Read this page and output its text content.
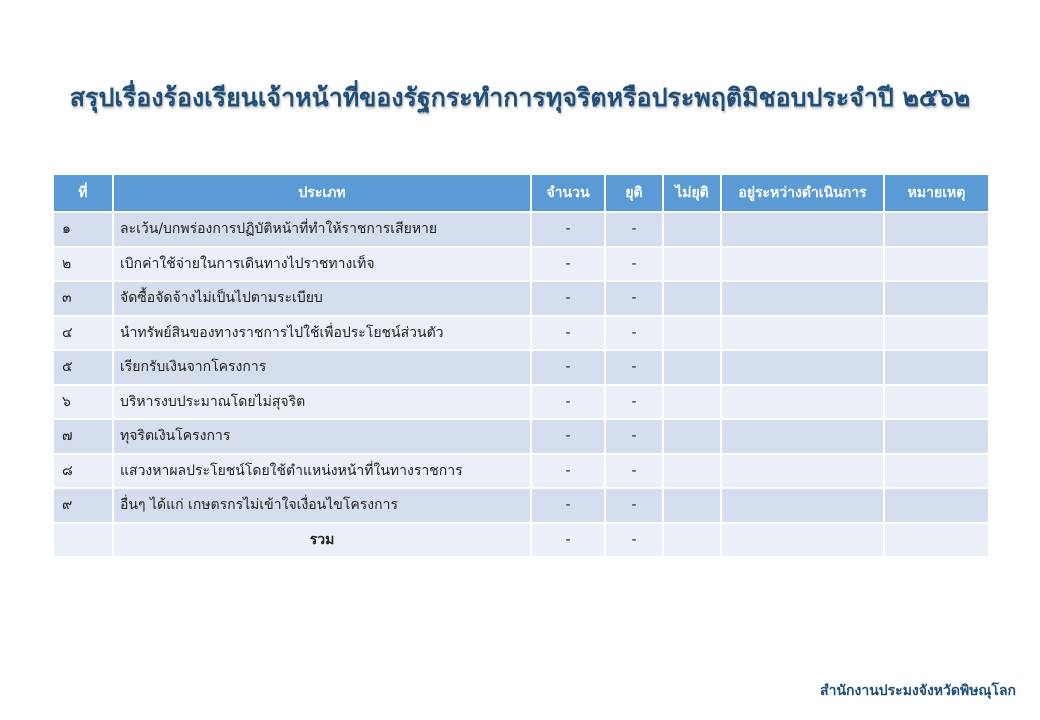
สรุปเรื่องร้องเรียนเจ้าหน้าที่ของรัฐกระทำการทุจริตหรือประพฤติมิชอบประจำปี ๒๕๖๒
ที่	ประเภท	จำนวน	ยุติ	ไม่ยุติ	อยู่ระหว่างดำเนินการ	หมายเหตุ
๑	ละเว้น/บกพร่องการปฏิบัติหน้าที่ทำให้ราชการเสียหาย	-	-			
๒	เบิกค่าใช้จ่ายในการเดินทางไปราชทางเท็จ	-	-			
๓	จัดซื้อจัดจ้างไม่เป็นไปตามระเบียบ	-	-			
๔	นำทรัพย์สินของทางราชการไปใช้เพื่อประโยชน์ส่วนตัว	-	-			
๕	เรียกรับเงินจากโครงการ	-	-			
๖	บริหารงบประมาณโดยไม่สุจริต	-	-			
๗	ทุจริตเงินโครงการ	-	-			
๘	แสวงหาผลประโยชน์โดยใช้ตำแหน่งหน้าที่ในทางราชการ	-	-			
๙	อื่นๆ ได้แก่ เกษตรกรไม่เข้าใจเงื่อนไขโครงการ	-	-			
	รวม	-	-			
สำนักงานประมงจังหวัดพิษณุโลก
